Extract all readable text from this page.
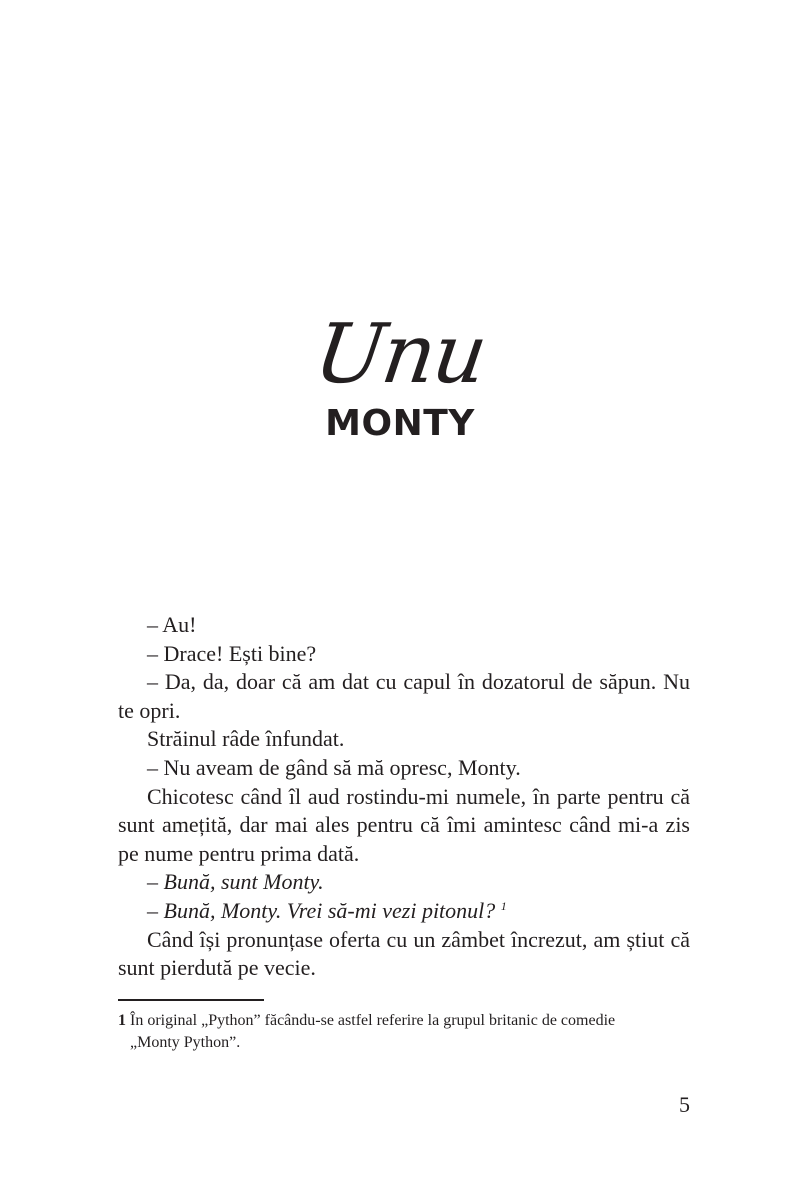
Unu
MONTY

– Au!

– Drace! Ești bine?

– Da, da, doar că am dat cu capul în dozatorul de săpun. Nu te opri.

Străinul râde înfundat.

– Nu aveam de gând să mă opresc, Monty.

Chicotesc când îl aud rostindu-mi numele, în parte pentru că sunt amețită, dar mai ales pentru că îmi amintesc când mi-a zis pe nume pentru prima dată.

– Bună, sunt Monty.

– Bună, Monty. Vrei să-mi vezi pitonul? $^1$

Când își pronunțase oferta cu un zâmbet încrezut, am știut că sunt pierdută pe vecie.

1 În original „Python” făcându-se astfel referire la grupul britanic de comedie
„Monty Python”.
5
